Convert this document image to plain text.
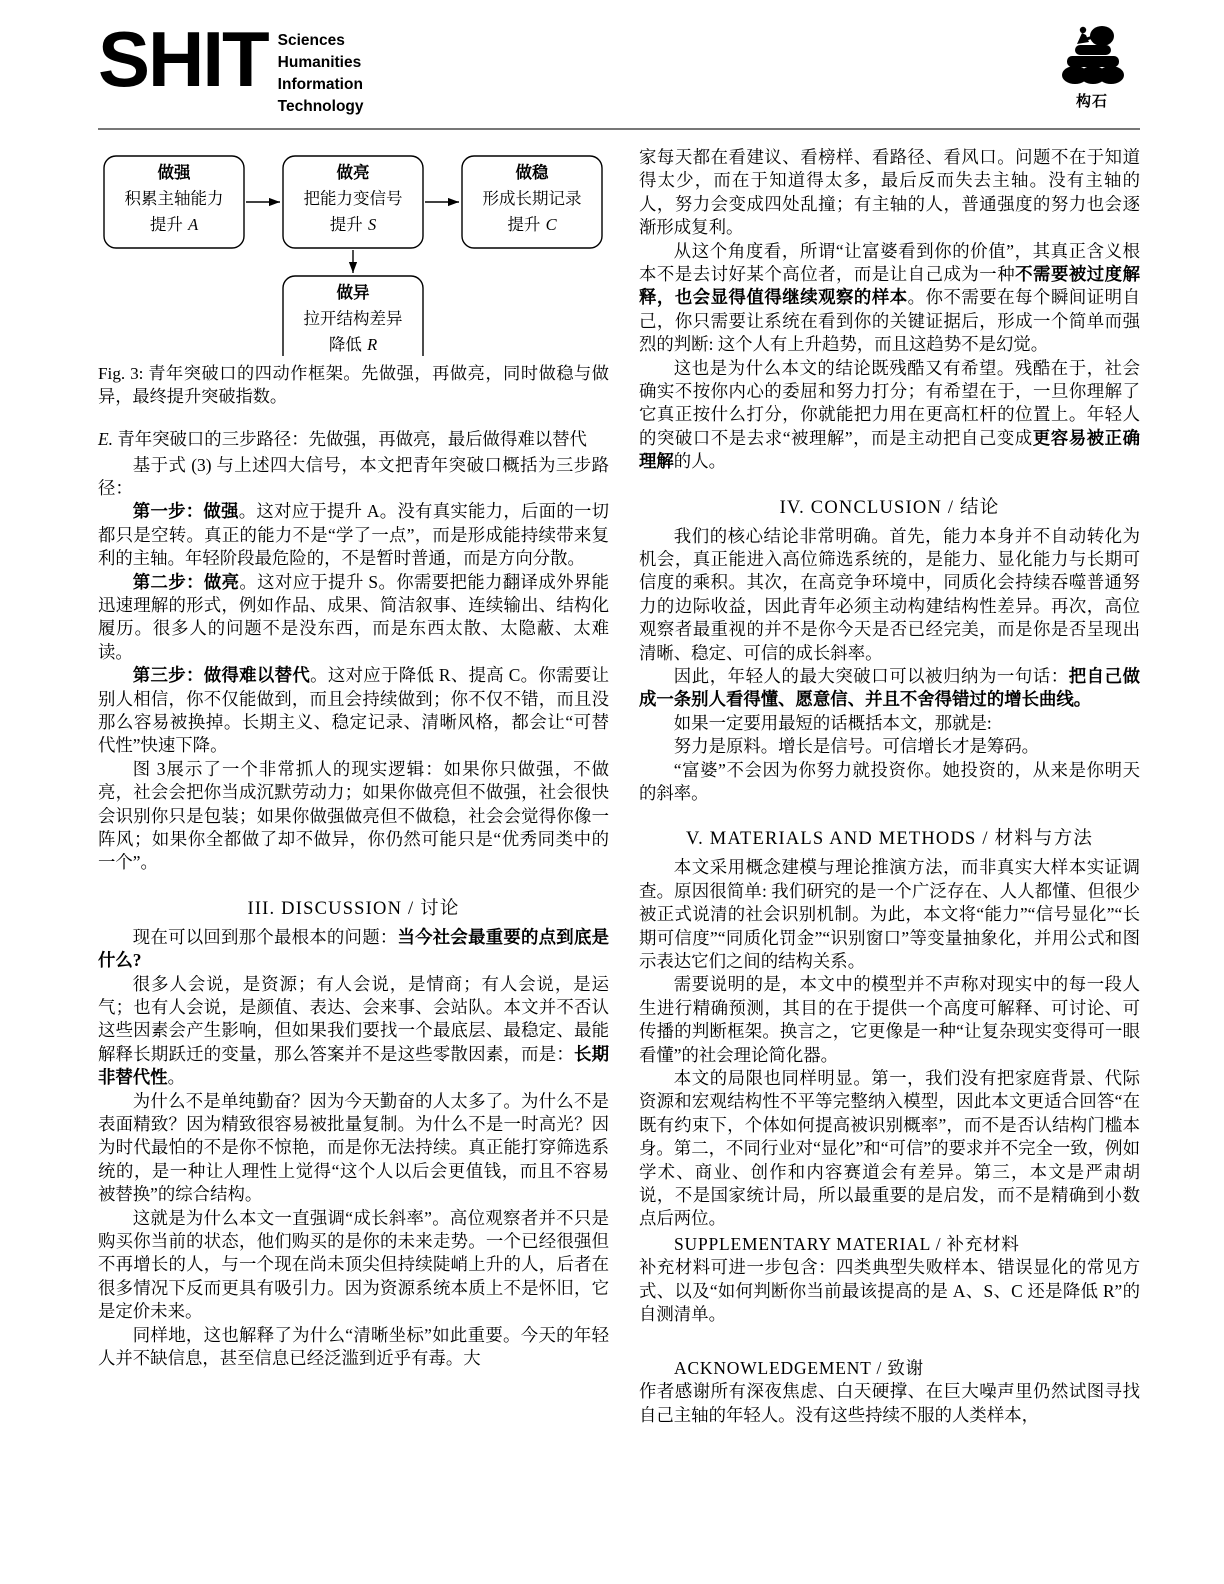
SHIT Sciences
Humanities
Information
Technology	构石
做强
积累主轴能力
提升 A
做亮
把能力变信号
提升 S
做稳
形成长期记录
提升 C
做异
拉开结构差异
降低 R
Fig. 3: 青年突破口的四动作框架。先做强，再做亮，同时做稳与做异，最终提升突破指数。
E. 青年突破口的三步路径：先做强，再做亮，最后做得难以替代

基于式 (3) 与上述四大信号，本文把青年突破口概括为三步路径：

第一步：做强。这对应于提升 A。没有真实能力，后面的一切都只是空转。真正的能力不是“学了一点”，而是形成能持续带来复利的主轴。年轻阶段最危险的，不是暂时普通，而是方向分散。

第二步：做亮。这对应于提升 S。你需要把能力翻译成外界能迅速理解的形式，例如作品、成果、简洁叙事、连续输出、结构化履历。很多人的问题不是没东西，而是东西太散、太隐蔽、太难读。

第三步：做得难以替代。这对应于降低 R、提高 C。你需要让别人相信，你不仅能做到，而且会持续做到；你不仅不错，而且没那么容易被换掉。长期主义、稳定记录、清晰风格，都会让“可替代性”快速下降。

图 3展示了一个非常抓人的现实逻辑：如果你只做强，不做亮，社会会把你当成沉默劳动力；如果你做亮但不做强，社会很快会识别你只是包装；如果你做强做亮但不做稳，社会会觉得你像一阵风；如果你全都做了却不做异，你仍然可能只是“优秀同类中的一个”。

III. DISCUSSION / 讨论

现在可以回到那个最根本的问题：当今社会最重要的点到底是什么?

很多人会说，是资源；有人会说，是情商；有人会说，是运气；也有人会说，是颜值、表达、会来事、会站队。本文并不否认这些因素会产生影响，但如果我们要找一个最底层、最稳定、最能解释长期跃迁的变量，那么答案并不是这些零散因素，而是：长期非替代性。

为什么不是单纯勤奋？因为今天勤奋的人太多了。为什么不是表面精致？因为精致很容易被批量复制。为什么不是一时高光？因为时代最怕的不是你不惊艳，而是你无法持续。真正能打穿筛选系统的，是一种让人理性上觉得“这个人以后会更值钱，而且不容易被替换”的综合结构。

这就是为什么本文一直强调“成长斜率”。高位观察者并不只是购买你当前的状态，他们购买的是你的未来走势。一个已经很强但不再增长的人，与一个现在尚未顶尖但持续陡峭上升的人，后者在很多情况下反而更具有吸引力。因为资源系统本质上不是怀旧，它是定价未来。

同样地，这也解释了为什么“清晰坐标”如此重要。今天的年轻人并不缺信息，甚至信息已经泛滥到近乎有毒。大

家每天都在看建议、看榜样、看路径、看风口。问题不在于知道得太少，而在于知道得太多，最后反而失去主轴。没有主轴的人，努力会变成四处乱撞；有主轴的人，普通强度的努力也会逐渐形成复利。

从这个角度看，所谓“让富婆看到你的价值”，其真正含义根本不是去讨好某个高位者，而是让自己成为一种不需要被过度解释，也会显得值得继续观察的样本。你不需要在每个瞬间证明自己，你只需要让系统在看到你的关键证据后，形成一个简单而强烈的判断: 这个人有上升趋势，而且这趋势不是幻觉。

这也是为什么本文的结论既残酷又有希望。残酷在于，社会确实不按你内心的委屈和努力打分；有希望在于，一旦你理解了它真正按什么打分，你就能把力用在更高杠杆的位置上。年轻人的突破口不是去求“被理解”，而是主动把自己变成更容易被正确理解的人。

IV. CONCLUSION / 结论

我们的核心结论非常明确。首先，能力本身并不自动转化为机会，真正能进入高位筛选系统的，是能力、显化能力与长期可信度的乘积。其次，在高竞争环境中，同质化会持续吞噬普通努力的边际收益，因此青年必须主动构建结构性差异。再次，高位观察者最重视的并不是你今天是否已经完美，而是你是否呈现出清晰、稳定、可信的成长斜率。

因此，年轻人的最大突破口可以被归纳为一句话：把自己做成一条别人看得懂、愿意信、并且不舍得错过的增长曲线。

如果一定要用最短的话概括本文，那就是:

努力是原料。增长是信号。可信增长才是筹码。

“富婆”不会因为你努力就投资你。她投资的，从来是你明天的斜率。

V. MATERIALS AND METHODS / 材料与方法

本文采用概念建模与理论推演方法，而非真实大样本实证调查。原因很简单: 我们研究的是一个广泛存在、人人都懂、但很少被正式说清的社会识别机制。为此，本文将“能力”“信号显化”“长期可信度”“同质化罚金”“识别窗口”等变量抽象化，并用公式和图示表达它们之间的结构关系。

需要说明的是，本文中的模型并不声称对现实中的每一段人生进行精确预测，其目的在于提供一个高度可解释、可讨论、可传播的判断框架。换言之，它更像是一种“让复杂现实变得可一眼看懂”的社会理论简化器。

本文的局限也同样明显。第一，我们没有把家庭背景、代际资源和宏观结构性不平等完整纳入模型，因此本文更适合回答“在既有约束下，个体如何提高被识别概率”，而不是否认结构门槛本身。第二，不同行业对“显化”和“可信”的要求并不完全一致，例如学术、商业、创作和内容赛道会有差异。第三，本文是严肃胡说，不是国家统计局，所以最重要的是启发，而不是精确到小数点后两位。

SUPPLEMENTARY MATERIAL / 补充材料

补充材料可进一步包含：四类典型失败样本、错误显化的常见方式、以及“如何判断你当前最该提高的是 A、S、C 还是降低 R”的自测清单。

ACKNOWLEDGEMENT / 致谢

作者感谢所有深夜焦虑、白天硬撑、在巨大噪声里仍然试图寻找自己主轴的年轻人。没有这些持续不服的人类样本，
